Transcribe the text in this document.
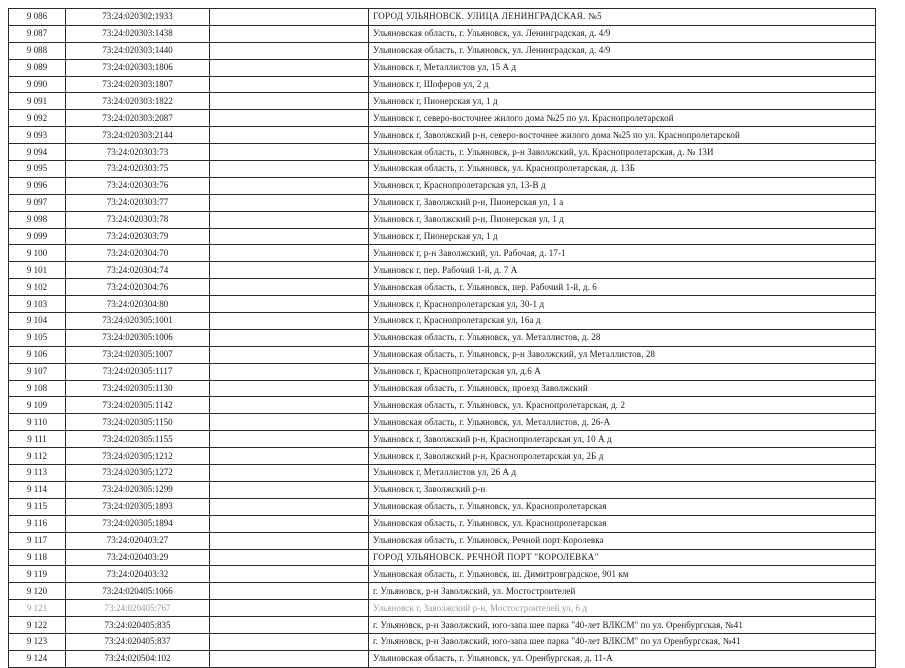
9 086	73:24:020302:1933		ГОРОД УЛЬЯНОВСК. УЛИЦА ЛЕНИНГРАДСКАЯ. №5
9 087	73:24:020303:1438		Ульяновская область, г. Ульяновск, ул. Ленинградская, д. 4/9
9 088	73:24:020303:1440		Ульяновская область, г. Ульяновск, ул. Ленинградская, д. 4/9
9 089	73:24:020303:1806		Ульяновск г, Металлистов ул, 15 А д
9 090	73:24:020303:1807		Ульяновск г, Шоферов ул, 2 д
9 091	73:24:020303:1822		Ульяновск г, Пионерская ул, 1 д
9 092	73:24:020303:2087		Ульяновск г, северо-восточнее жилого дома №25 по ул. Краснопролетарской
9 093	73:24:020303:2144		Ульяновск г, Заволжский р-н, северо-восточнее жилого дома №25 по ул. Краснопролетарской
9 094	73:24:020303:73		Ульяновская область, г. Ульяновск, р-н Заволжский, ул. Краснопролетарская, д. № 13И
9 095	73:24:020303:75		Ульяновская область, г. Ульяновск, ул. Краснопролетарская, д. 13Б
9 096	73:24:020303:76		Ульяновск г, Краснопролетарская ул, 13-В д
9 097	73:24:020303:77		Ульяновск г, Заволжский р-н, Пионерская ул, 1 а
9 098	73:24:020303:78		Ульяновск г, Заволжский р-н, Пионерская ул, 1 д
9 099	73:24:020303:79		Ульяновск г, Пионерская ул, 1 д
9 100	73:24:020304:70		Ульяновск г, р-н Заволжский, ул. Рабочая, д. 17-1
9 101	73:24:020304:74		Ульяновск г, пер. Рабочий 1-й, д. 7 А
9 102	73:24:020304:76		Ульяновская область, г. Ульяновск, пер. Рабочий 1-й, д. 6
9 103	73:24:020304:80		Ульяновск г, Краснопролетарская ул, 30-1 д
9 104	73:24:020305:1001		Ульяновск г, Краснопролетарская ул, 16а д
9 105	73:24:020305:1006		Ульяновская область, г. Ульяновск, ул. Металлистов, д. 28
9 106	73:24:020305:1007		Ульяновская область, г. Ульяновск, р-н Заволжский, ул Металлистов, 28
9 107	73:24:020305:1117		Ульяновск г, Краснопролетарская ул, д.6 А
9 108	73:24:020305:1130		Ульяновская область, г. Ульяновск, проезд Заволжский
9 109	73:24:020305:1142		Ульяновская область, г. Ульяновск, ул. Краснопролетарская, д. 2
9 110	73:24:020305:1150		Ульяновская область, г. Ульяновск, ул. Металлистов, д. 26-А
9 111	73:24:020305:1155		Ульяновск г, Заволжский р-н, Краснопролетарская ул, 10 А д
9 112	73:24:020305:1212		Ульяновск г, Заволжский р-н, Краснопролетарская ул, 2Б д
9 113	73:24:020305:1272		Ульяновск г, Металлистов ул, 26 А д
9 114	73:24:020305:1299		Ульяновск г, Заволжский р-н
9 115	73:24:020305:1893		Ульяновская область, г. Ульяновск, ул. Краснопролетарская
9 116	73:24:020305:1894		Ульяновская область, г. Ульяновск, ул. Краснопролетарская
9 117	73:24:020403:27		Ульяновская область, г. Ульяновск, Речной порт Королевка
9 118	73:24:020403:29		ГОРОД УЛЬЯНОВСК. РЕЧНОЙ ПОРТ "КОРОЛЕВКА"
9 119	73:24:020403:32		Ульяновская область, г. Ульяновск, ш. Димитровградское, 901 км
9 120	73:24:020405:1066		г. Ульяновск, р-н Заволжский, ул. Мостостроителей
9 121	73:24:020405:767		Ульяновск г, Заволжский р-н, Мостостроителей ул, 6 д
9 122	73:24:020405:835		г. Ульяновск, р-н Заволжский, юго-запа шее парка "40-лет ВЛКСМ" по ул. Оренбургская, №41
9 123	73:24:020405:837		г. Ульяновск, р-н Заволжский, юго-запа шее парка "40-лет ВЛКСМ" по ул Оренбургская, №41
9 124	73:24:020504:102		Ульяновская область, г. Ульяновск, ул. Оренбургская, д. 11-А
